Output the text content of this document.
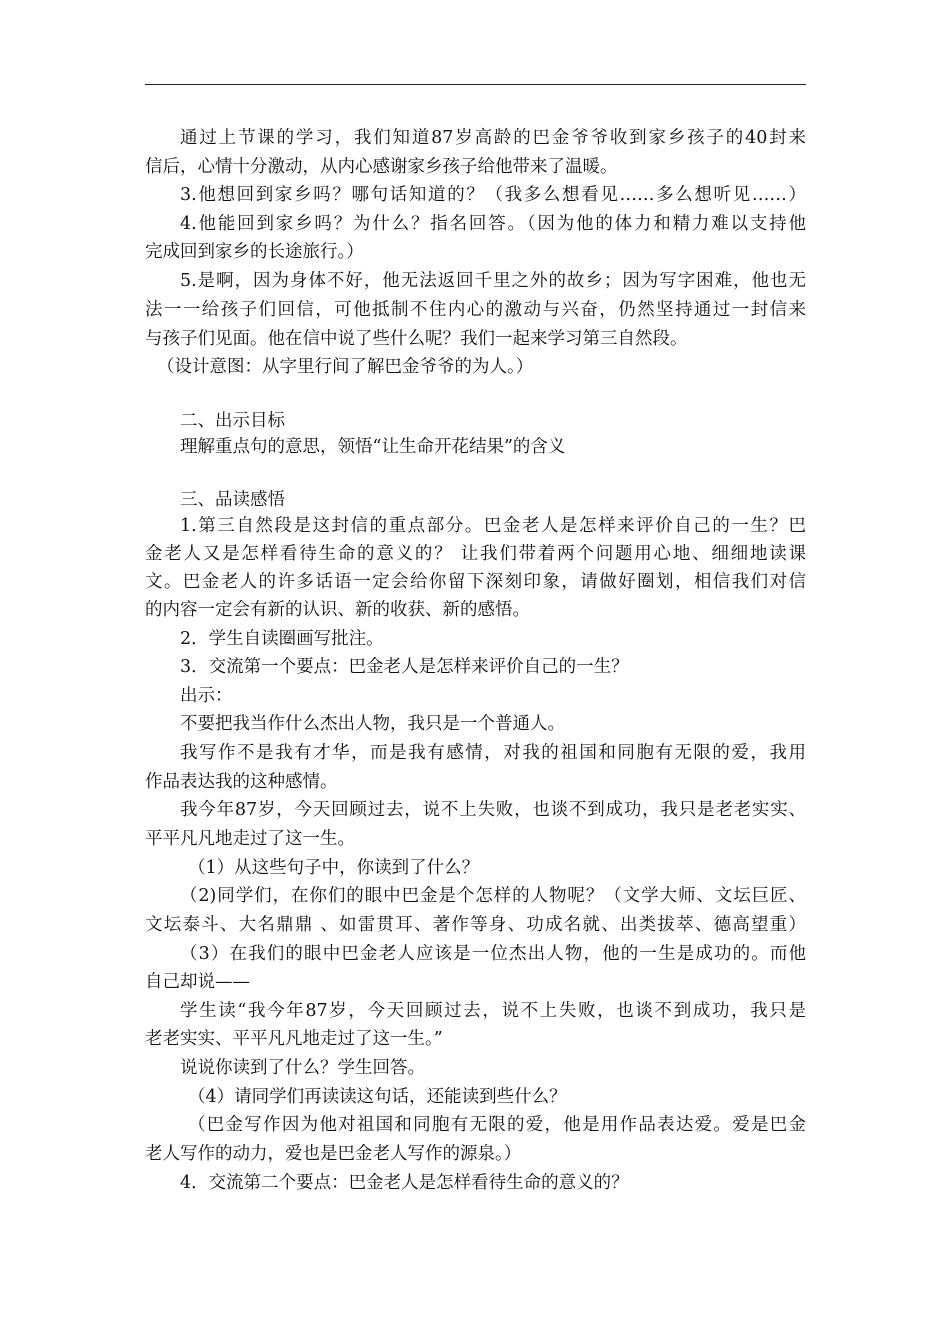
通过上节课的学习，我们知道87岁高龄的巴金爷爷收到家乡孩子的40封来
信后，心情十分激动，从内心感谢家乡孩子给他带来了温暖。
3.他想回到家乡吗？哪句话知道的？（我多么想看见……多么想听见……）
4.他能回到家乡吗？为什么？指名回答。（因为他的体力和精力难以支持他
完成回到家乡的长途旅行。）
5.是啊，因为身体不好，他无法返回千里之外的故乡；因为写字困难，他也无
法一一给孩子们回信，可他抵制不住内心的激动与兴奋，仍然坚持通过一封信来
与孩子们见面。他在信中说了些什么呢？我们一起来学习第三自然段。
（设计意图：从字里行间了解巴金爷爷的为人。）
二、出示目标
理解重点句的意思，领悟“让生命开花结果”的含义
三、品读感悟
1.第三自然段是这封信的重点部分。巴金老人是怎样来评价自己的一生？巴
金老人又是怎样看待生命的意义的？ 让我们带着两个问题用心地、细细地读课
文。巴金老人的许多话语一定会给你留下深刻印象，请做好圈划，相信我们对信
的内容一定会有新的认识、新的收获、新的感悟。
2．学生自读圈画写批注。
3．交流第一个要点：巴金老人是怎样来评价自己的一生？
出示：
不要把我当作什么杰出人物，我只是一个普通人。
我写作不是我有才华，而是我有感情，对我的祖国和同胞有无限的爱，我用
作品表达我的这种感情。
我今年87岁，今天回顾过去，说不上失败，也谈不到成功，我只是老老实实、
平平凡凡地走过了这一生。
（1）从这些句子中，你读到了什么？
（2)同学们，在你们的眼中巴金是个怎样的人物呢？（文学大师、文坛巨匠、
文坛泰斗、大名鼎鼎 、如雷贯耳、著作等身、功成名就、出类拔萃、德高望重）
（3）在我们的眼中巴金老人应该是一位杰出人物，他的一生是成功的。而他
自己却说——
学生读“我今年87岁，今天回顾过去，说不上失败，也谈不到成功，我只是
老老实实、平平凡凡地走过了这一生。”
说说你读到了什么？学生回答。
（4）请同学们再读读这句话，还能读到些什么？
（巴金写作因为他对祖国和同胞有无限的爱，他是用作品表达爱。爱是巴金
老人写作的动力，爱也是巴金老人写作的源泉。）
4．交流第二个要点：巴金老人是怎样看待生命的意义的？
